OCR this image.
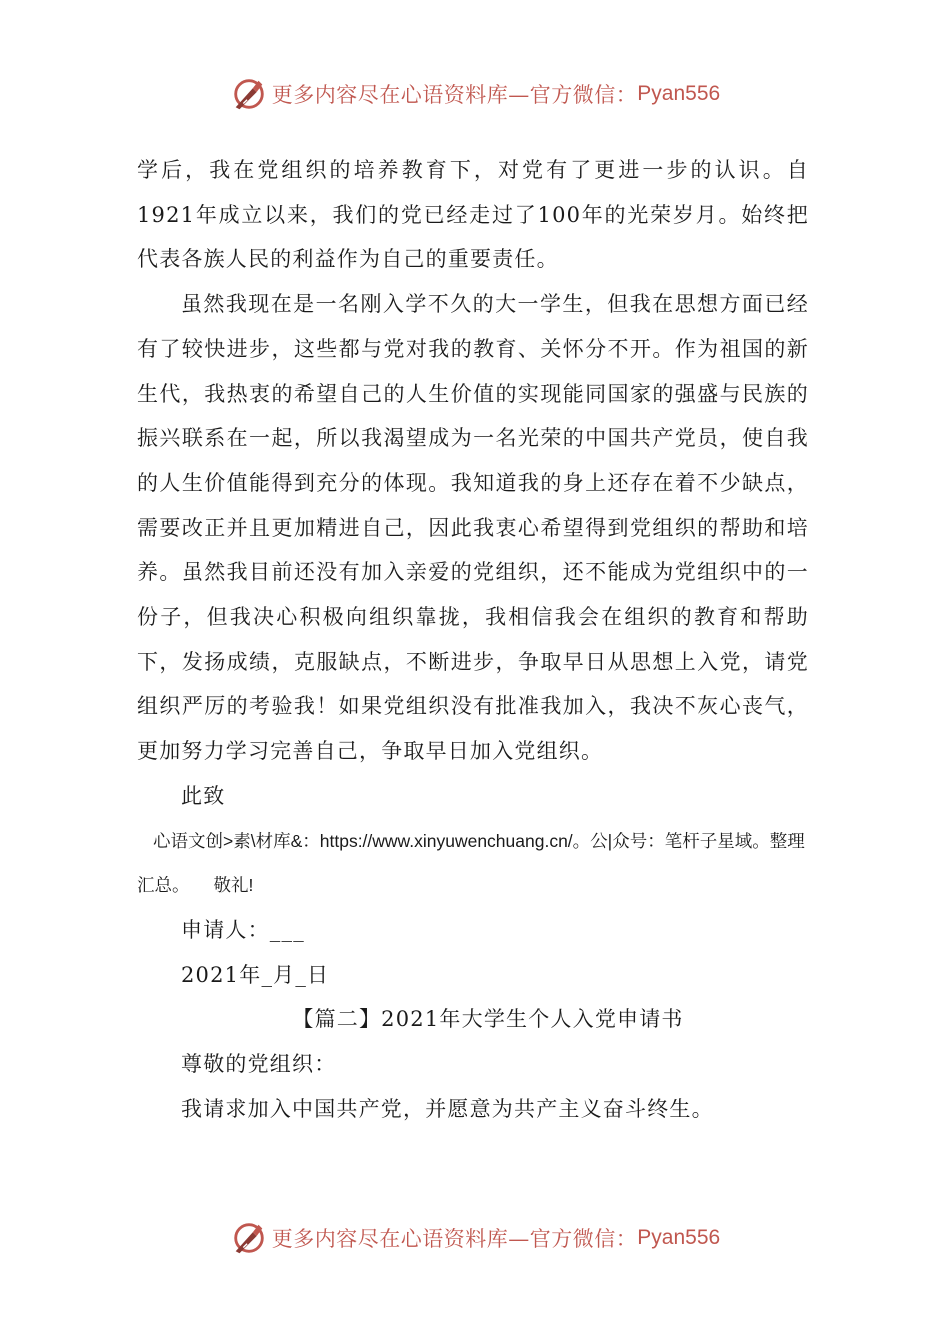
更多内容尽在心语资料库—官方微信： Pyan556

学后，我在党组织的培养教育下，对党有了更进一步的认识。自1921年成立以来，我们的党已经走过了100年的光荣岁月。始终把代表各族人民的利益作为自己的重要责任。

虽然我现在是一名刚入学不久的大一学生，但我在思想方面已经有了较快进步，这些都与党对我的教育、关怀分不开。作为祖国的新生代，我热衷的希望自己的人生价值的实现能同国家的强盛与民族的振兴联系在一起，所以我渴望成为一名光荣的中国共产党员，使自我的人生价值能得到充分的体现。我知道我的身上还存在着不少缺点，需要改正并且更加精进自己，因此我衷心希望得到党组织的帮助和培养。虽然我目前还没有加入亲爱的党组织，还不能成为党组织中的一份子，但我决心积极向组织靠拢，我相信我会在组织的教育和帮助下，发扬成绩，克服缺点，不断进步，争取早日从思想上入党，请党组织严厉的考验我！如果党组织没有批准我加入，我决不灰心丧气，更加努力学习完善自己，争取早日加入党组织。

此致

心语文创>素\材库&：https://www.xinyuwenchuang.cn/。公|众号：笔杆子星域。整理

汇总。 敬礼!

申请人：___

2021年_月_日

【篇二】2021年大学生个人入党申请书

尊敬的党组织：

我请求加入中国共产党，并愿意为共产主义奋斗终生。

更多内容尽在心语资料库—官方微信： Pyan556
